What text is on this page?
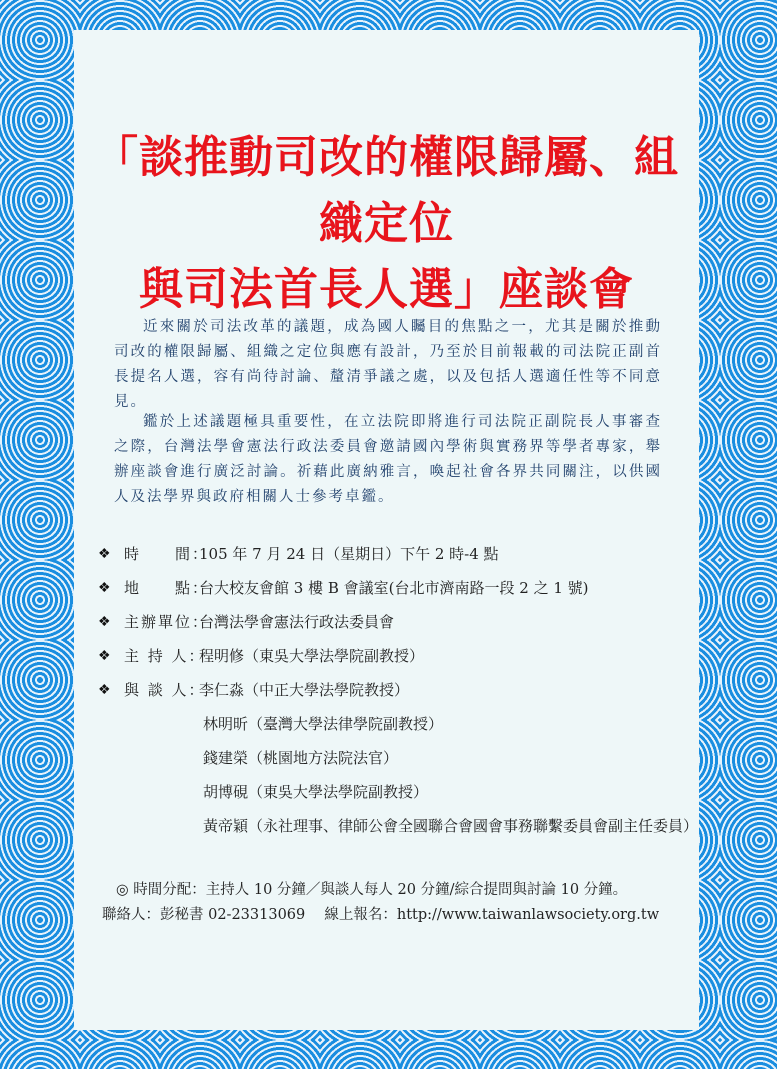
「談推動司改的權限歸屬、組織定位
與司法首長人選」座談會
近來關於司法改革的議題，成為國人矚目的焦點之一，尤其是關於推動司改的權限歸屬、組織之定位與應有設計，乃至於目前報載的司法院正副首長提名人選，容有尚待討論、釐清爭議之處，以及包括人選適任性等不同意見。
鑑於上述議題極具重要性，在立法院即將進行司法院正副院長人事審查之際，台灣法學會憲法行政法委員會邀請國內學術與實務界等學者專家，舉辦座談會進行廣泛討論。祈藉此廣納雅言，喚起社會各界共同關注，以供國人及法學界與政府相關人士參考卓鑑。
❖ 時　　間：
105 年 7 月 24 日（星期日）下午 2 時-4 點
❖ 地　　點：
台大校友會館 3 樓 B 會議室(台北市濟南路一段 2 之 1 號)
❖ 主辦單位：
台灣法學會憲法行政法委員會
❖ 主 持 人：
程明修（東吳大學法學院副教授）
❖ 與 談 人：
李仁淼（中正大學法學院教授）
林明昕（臺灣大學法律學院副教授）
錢建榮（桃園地方法院法官）
胡博硯（東吳大學法學院副教授）
黃帝穎（永社理事、律師公會全國聯合會國會事務聯繫委員會副主任委員）
◎ 時間分配：主持人 10 分鐘／與談人每人 20 分鐘/綜合提問與討論 10 分鐘。
聯絡人：彭秘書 02-23313069　 線上報名：http://www.taiwanlawsociety.org.tw
